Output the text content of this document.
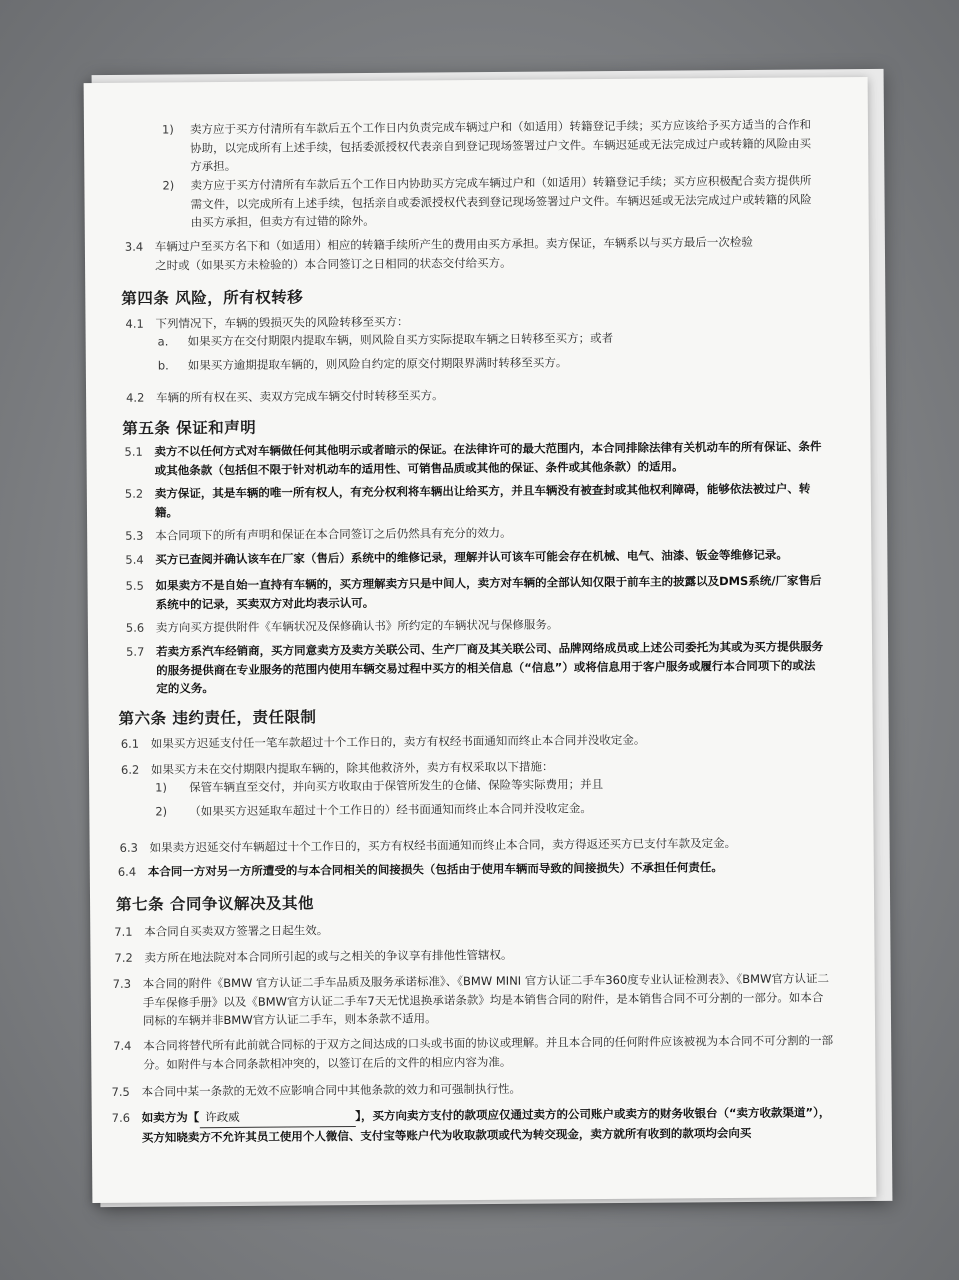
1)	卖方应于买方付清所有车款后五个工作日内负责完成车辆过户和（如适用）转籍登记手续；买方应该给予买方适当的合作和协助，以完成所有上述手续，包括委派授权代表亲自到登记现场签署过户文件。车辆迟延或无法完成过户或转籍的风险由买方承担。
2)	卖方应于买方付清所有车款后五个工作日内协助买方完成车辆过户和（如适用）转籍登记手续；买方应积极配合卖方提供所需文件，以完成所有上述手续，包括亲自或委派授权代表到登记现场签署过户文件。车辆迟延或无法完成过户或转籍的风险由买方承担，但卖方有过错的除外。
3.4	车辆过户至买方名下和（如适用）相应的转籍手续所产生的费用由买方承担。卖方保证，车辆系以与买方最后一次检验之时或（如果买方未检验的）本合同签订之日相同的状态交付给买方。
第四条 风险，所有权转移
4.1	下列情况下，车辆的毁损灭失的风险转移至买方：
a.	如果买方在交付期限内提取车辆，则风险自买方实际提取车辆之日转移至买方；或者
b.	如果买方逾期提取车辆的，则风险自约定的原交付期限界满时转移至买方。
4.2	车辆的所有权在买、卖双方完成车辆交付时转移至买方。
第五条 保证和声明
5.1	卖方不以任何方式对车辆做任何其他明示或者暗示的保证。在法律许可的最大范围内，本合同排除法律有关机动车的所有保证、条件或其他条款（包括但不限于针对机动车的适用性、可销售品质或其他的保证、条件或其他条款）的适用。
5.2	卖方保证，其是车辆的唯一所有权人，有充分权利将车辆出让给买方，并且车辆没有被查封或其他权利障碍，能够依法被过户、转籍。
5.3	本合同项下的所有声明和保证在本合同签订之后仍然具有充分的效力。
5.4	买方已查阅并确认该车在厂家（售后）系统中的维修记录，理解并认可该车可能会存在机械、电气、油漆、钣金等维修记录。
5.5	如果卖方不是自始一直持有车辆的，买方理解卖方只是中间人，卖方对车辆的全部认知仅限于前车主的披露以及DMS系统/厂家售后系统中的记录，买卖双方对此均表示认可。
5.6	卖方向买方提供附件《车辆状况及保修确认书》所约定的车辆状况与保修服务。
5.7	若卖方系汽车经销商，买方同意卖方及卖方关联公司、生产厂商及其关联公司、品牌网络成员或上述公司委托为其或为买方提供服务的服务提供商在专业服务的范围内使用车辆交易过程中买方的相关信息（“信息”）或将信息用于客户服务或履行本合同项下的或法定的义务。
第六条 违约责任，责任限制
6.1	如果买方迟延支付任一笔车款超过十个工作日的，卖方有权经书面通知而终止本合同并没收定金。
6.2	如果买方未在交付期限内提取车辆的，除其他救济外，卖方有权采取以下措施：
1)	保管车辆直至交付，并向买方收取由于保管所发生的仓储、保险等实际费用；并且
2)	（如果买方迟延取车超过十个工作日的）经书面通知而终止本合同并没收定金。
6.3	如果卖方迟延交付车辆超过十个工作日的，买方有权经书面通知而终止本合同，卖方得返还买方已支付车款及定金。
6.4	本合同一方对另一方所遭受的与本合同相关的间接损失（包括由于使用车辆而导致的间接损失）不承担任何责任。
第七条 合同争议解决及其他
7.1	本合同自买卖双方签署之日起生效。
7.2	卖方所在地法院对本合同所引起的或与之相关的争议享有排他性管辖权。
7.3	本合同的附件《BMW 官方认证二手车品质及服务承诺标准》、《BMW MINI 官方认证二手车360度专业认证检测表》、《BMW官方认证二手车保修手册》以及《BMW官方认证二手车7天无忧退换承诺条款》均是本销售合同的附件，是本销售合同不可分割的一部分。如本合同标的车辆并非BMW官方认证二手车，则本条款不适用。
7.4	本合同将替代所有此前就合同标的于双方之间达成的口头或书面的协议或理解。并且本合同的任何附件应该被视为本合同不可分割的一部分。如附件与本合同条款相冲突的，以签订在后的文件的相应内容为准。
7.5	本合同中某一条款的无效不应影响合同中其他条款的效力和可强制执行性。
7.6	如卖方为【 许政威	】，买方向卖方支付的款项应仅通过卖方的公司账户或卖方的财务收银台（“卖方收款渠道”），买方知晓卖方不允许其员工使用个人微信、支付宝等账户代为收取款项或代为转交现金，卖方就所有收到的款项均会向买
